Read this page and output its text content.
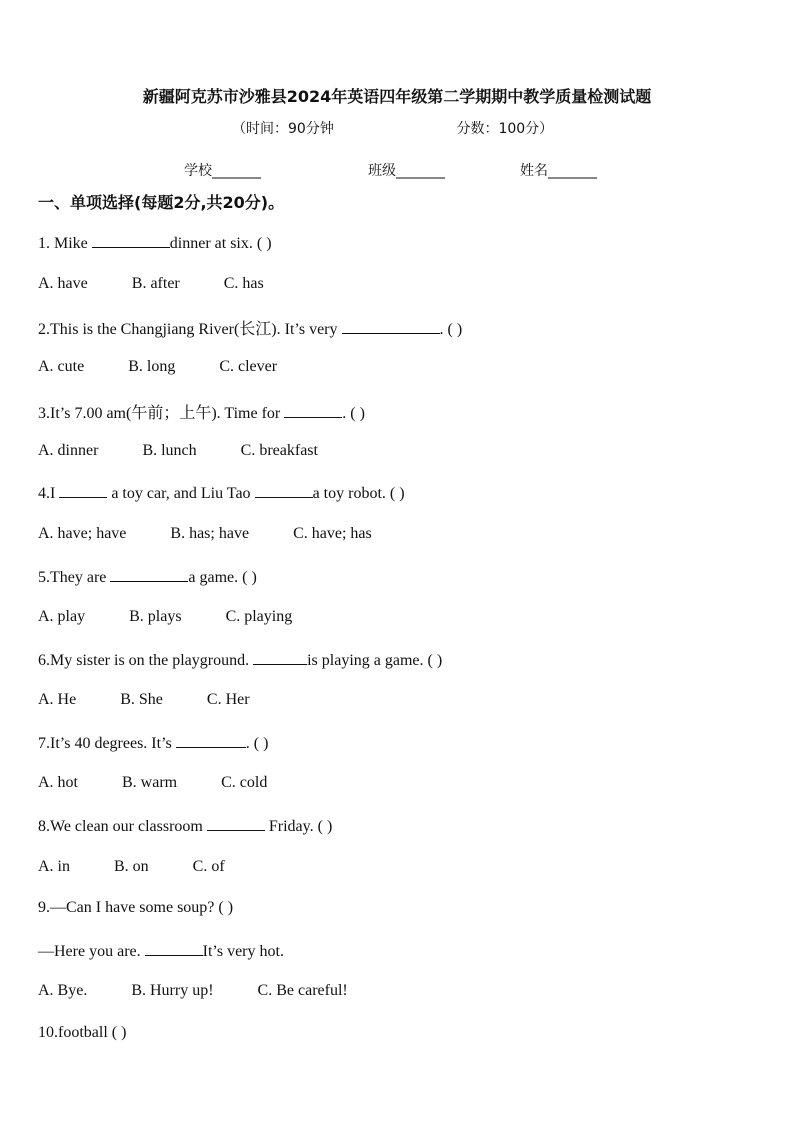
新疆阿克苏市沙雅县2024年英语四年级第二学期期中教学质量检测试题
（时间：90分钟	分数：100分）
学校_______	班级_______	姓名_______
一、单项选择(每题2分,共20分)。
1. Mike	dinner at six. ( )
A. have	B. after	C. has
2.This is the Changjiang River(长江). It’s very	. ( )
A. cute	B. long	C. clever
3.It’s 7.00 am(午前；上午). Time for	. ( )
A. dinner	B. lunch	C. breakfast
4.I	a toy car, and Liu Tao	a toy robot. ( )
A. have; have	B. has; have	C. have; has
5.They are	a game. ( )
A. play	B. plays	C. playing
6.My sister is on the playground.	is playing a game. ( )
A. He	B. She	C. Her
7.It’s 40 degrees. It’s	. ( )
A. hot	B. warm	C. cold
8.We clean our classroom	Friday. ( )
A. in	B. on	C. of
9.—Can I have some soup? ( )
—Here you are.	It’s very hot.
A. Bye.	B. Hurry up!	C. Be careful!
10.football ( )
